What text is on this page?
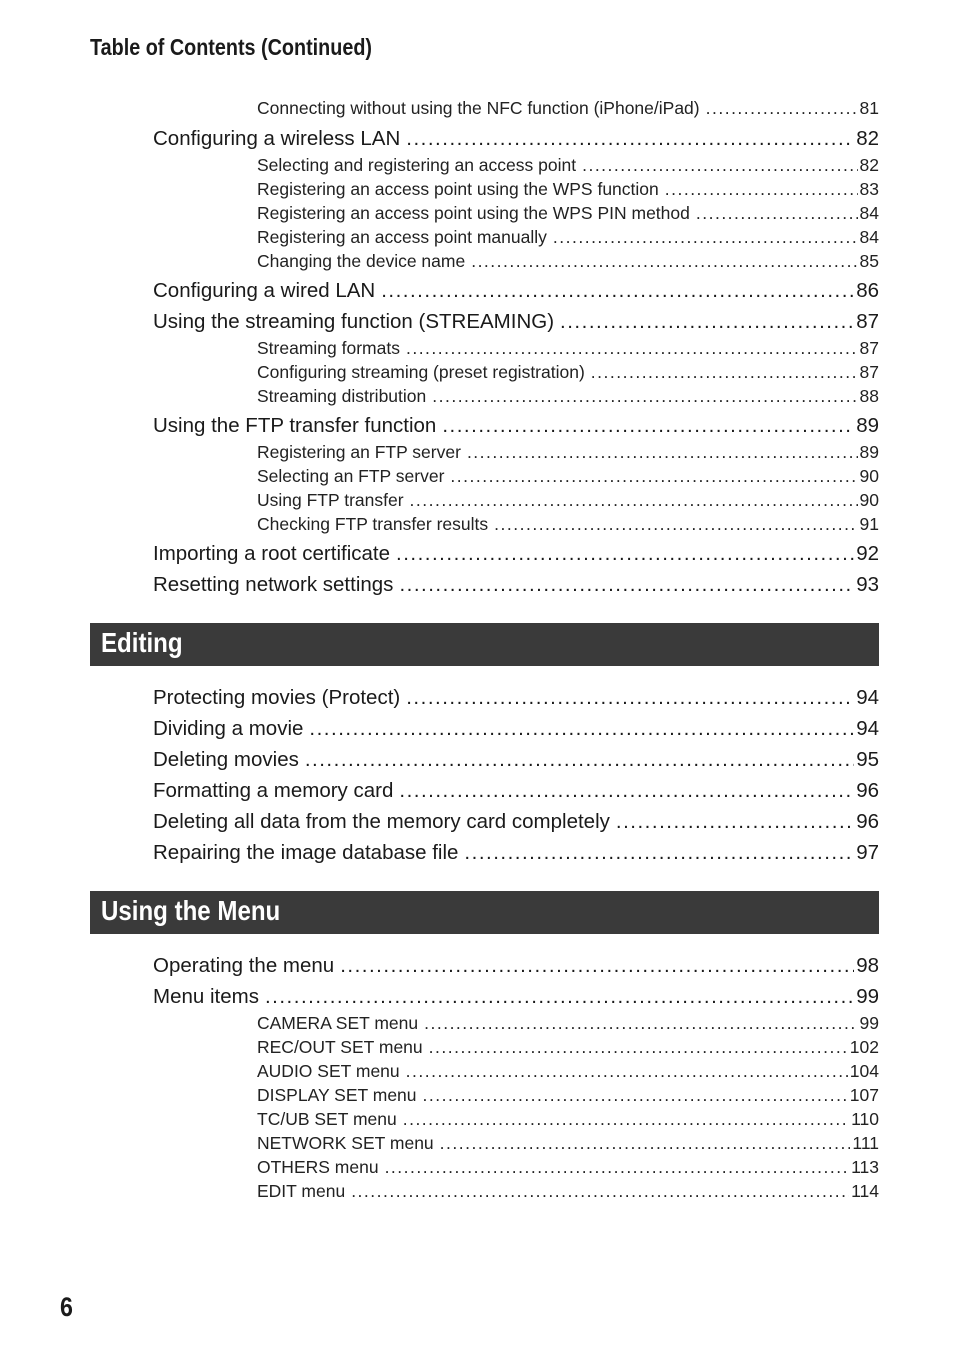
Table of Contents (Continued)
Connecting without using the NFC function (iPhone/iPad) .....	81
Configuring a wireless LAN .....	82
Selecting and registering an access point .....	82
Registering an access point using the WPS function .....	83
Registering an access point using the WPS PIN method .....	84
Registering an access point manually .....	84
Changing the device name .....	85
Configuring a wired LAN .....	86
Using the streaming function (STREAMING) .....	87
Streaming formats .....	87
Configuring streaming (preset registration) .....	87
Streaming distribution .....	88
Using the FTP transfer function .....	89
Registering an FTP server .....	89
Selecting an FTP server .....	90
Using FTP transfer .....	90
Checking FTP transfer results .....	91
Importing a root certificate .....	92
Resetting network settings .....	93
Editing
Protecting movies (Protect) .....	94
Dividing a movie .....	94
Deleting movies .....	95
Formatting a memory card .....	96
Deleting all data from the memory card completely .....	96
Repairing the image database file .....	97
Using the Menu
Operating the menu .....	98
Menu items .....	99
CAMERA SET menu .....	99
REC/OUT SET menu .....	102
AUDIO SET menu .....	104
DISPLAY SET menu .....	107
TC/UB SET menu .....	110
NETWORK SET menu .....	111
OTHERS menu .....	113
EDIT menu .....	114
6
